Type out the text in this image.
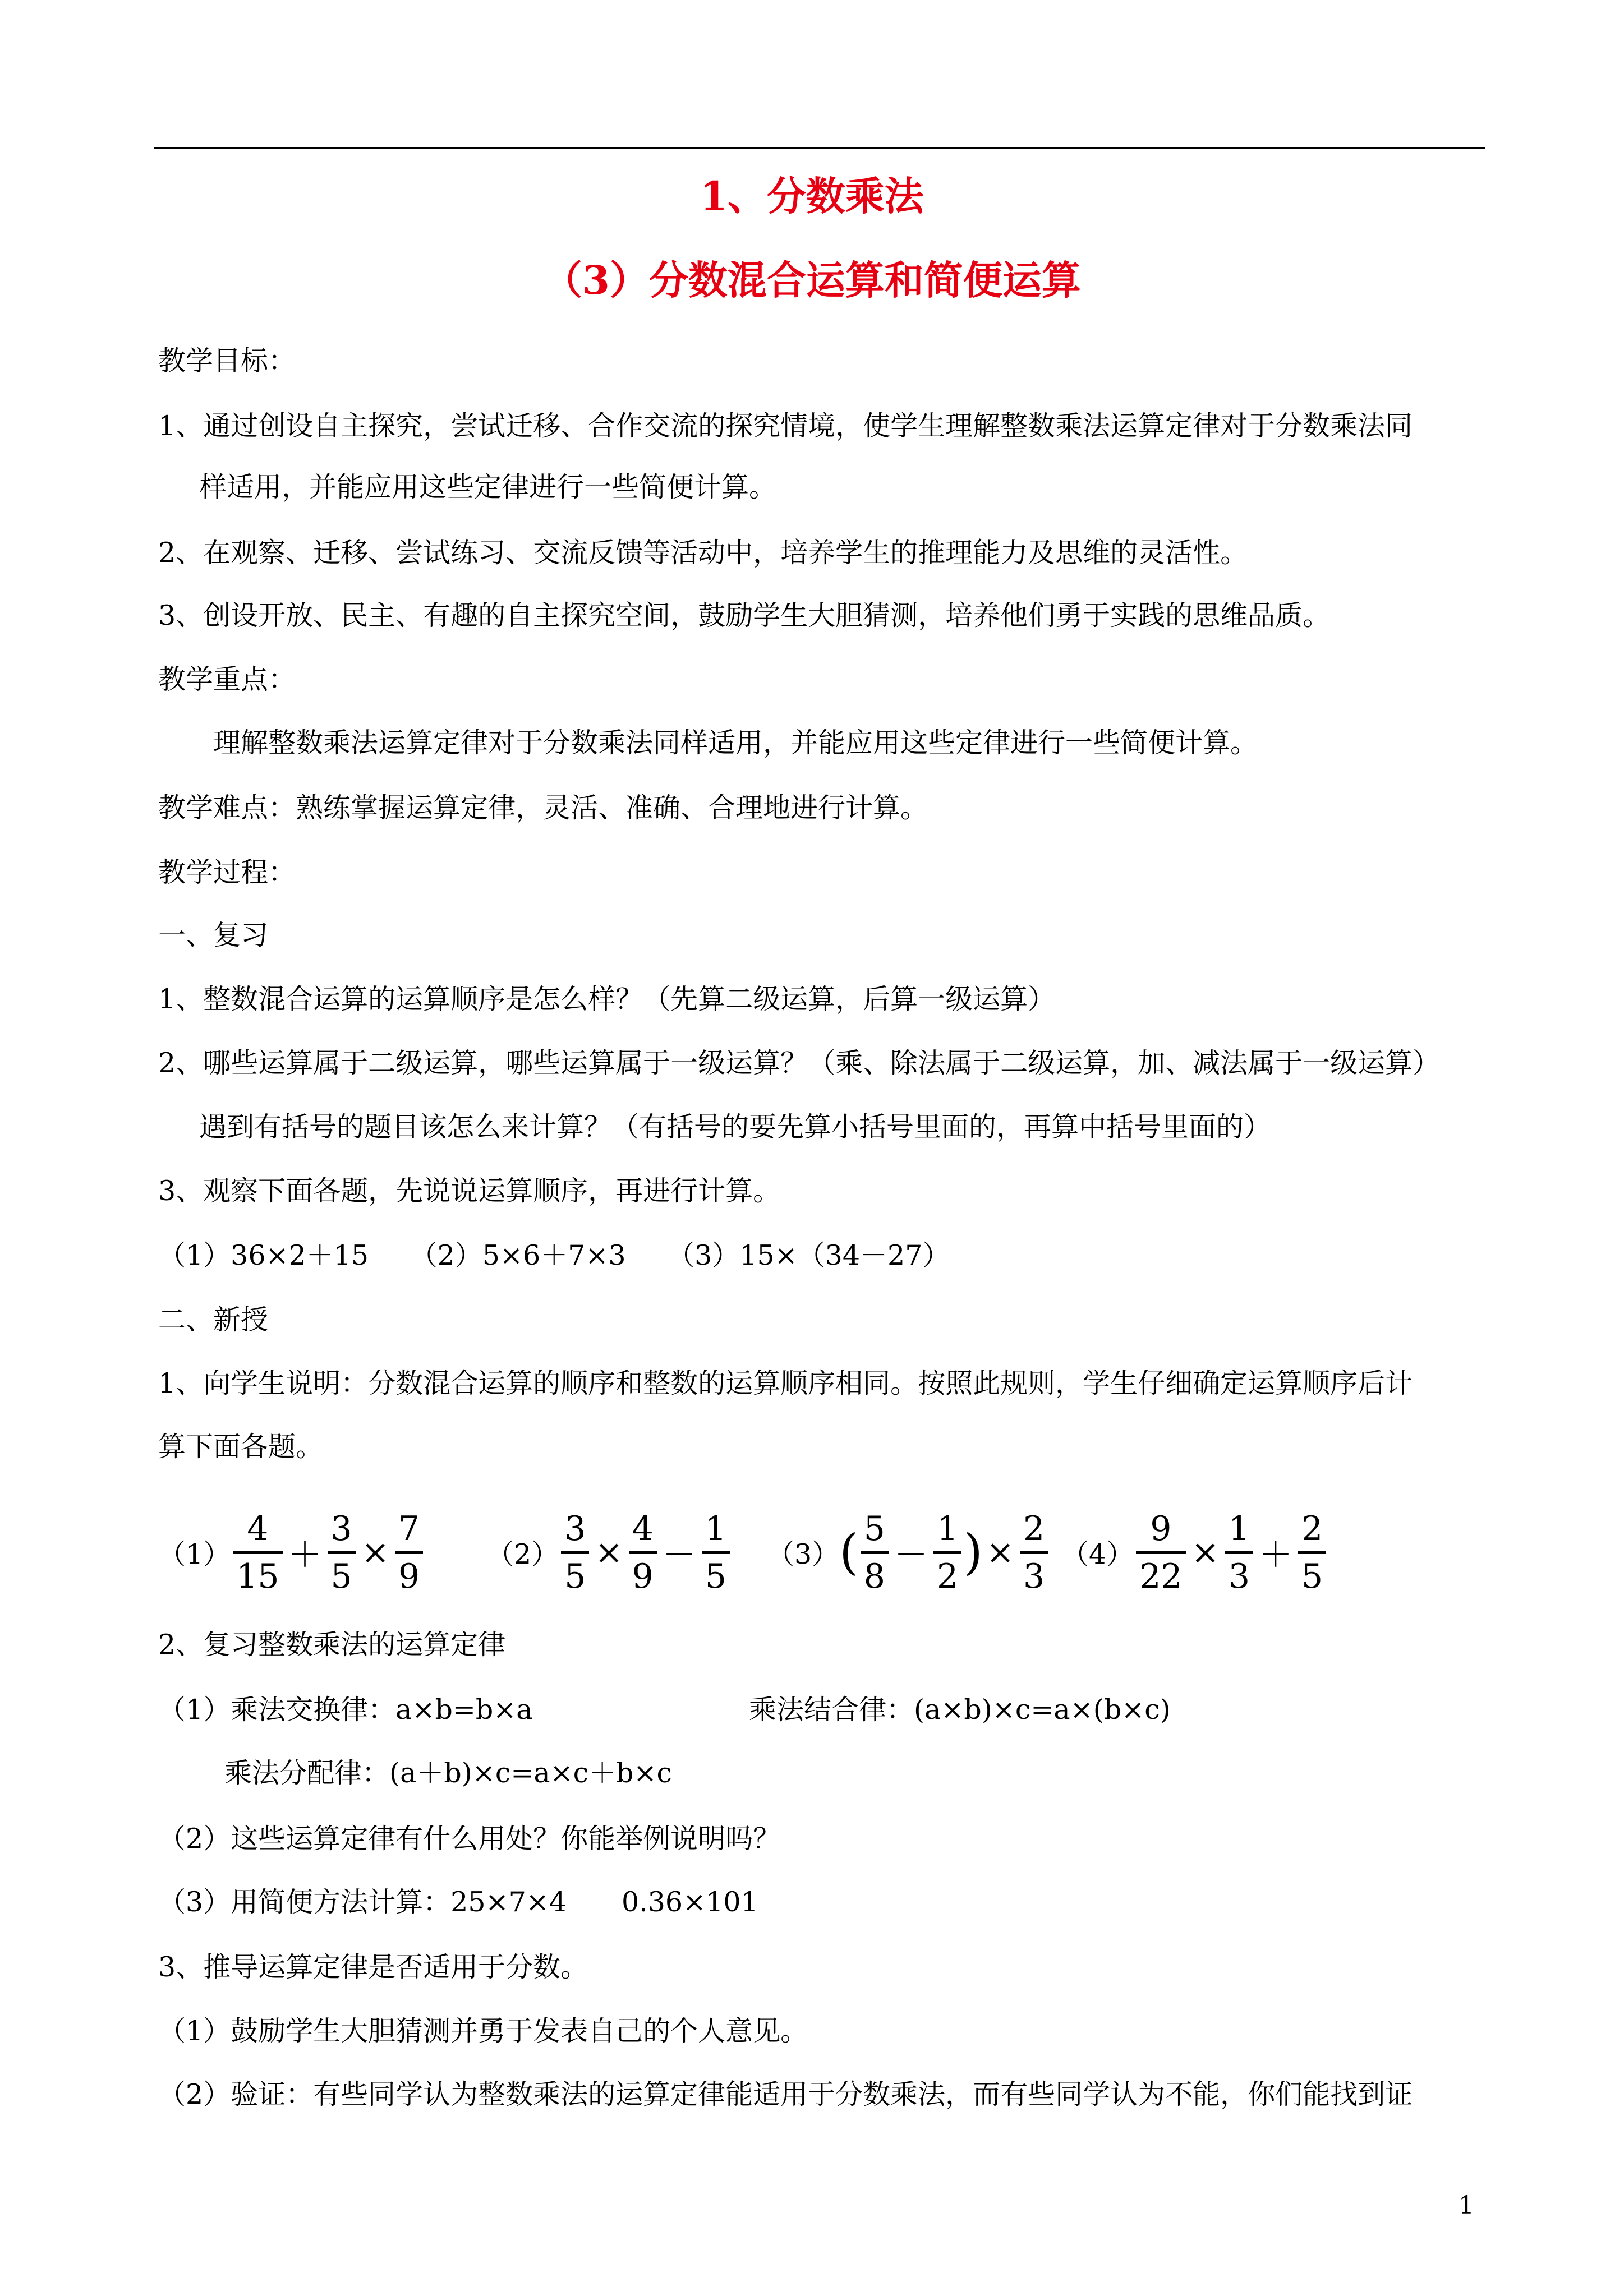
1、分数乘法
（3）分数混合运算和简便运算
教学目标：
1、通过创设自主探究，尝试迁移、合作交流的探究情境，使学生理解整数乘法运算定律对于分数乘法同
样适用，并能应用这些定律进行一些简便计算。
2、在观察、迁移、尝试练习、交流反馈等活动中，培养学生的推理能力及思维的灵活性。
3、创设开放、民主、有趣的自主探究空间，鼓励学生大胆猜测，培养他们勇于实践的思维品质。
教学重点：
理解整数乘法运算定律对于分数乘法同样适用，并能应用这些定律进行一些简便计算。
教学难点：熟练掌握运算定律，灵活、准确、合理地进行计算。
教学过程：
一、复习
1、整数混合运算的运算顺序是怎么样？（先算二级运算，后算一级运算）
2、哪些运算属于二级运算，哪些运算属于一级运算？（乘、除法属于二级运算，加、减法属于一级运算）
遇到有括号的题目该怎么来计算？（有括号的要先算小括号里面的，再算中括号里面的）
3、观察下面各题，先说说运算顺序，再进行计算。
（1）36×2＋15　　（2）5×6＋7×3　　（3）15×（34－27）
二、新授
1、向学生说明：分数混合运算的顺序和整数的运算顺序相同。按照此规则，学生仔细确定运算顺序后计
算下面各题。
$(1) \frac{4}{15} + \frac{3}{5} \times \frac{7}{9} (2) \frac{3}{5} \times \frac{4}{9} - \frac{1}{5} (3)$ ( $\frac{5}{8} - \frac{1}{2}$ ) × $\frac{2}{3} (4) \frac{9}{22} \times \frac{1}{3} + \frac{2}{5}$
2、复习整数乘法的运算定律
（1）乘法交换律：a×b=b×a	乘法结合律：(a×b)×c=a×(b×c)
乘法分配律：(a＋b)×c=a×c＋b×c
（2）这些运算定律有什么用处？你能举例说明吗？
（3）用简便方法计算：25×7×4　　0.36×101
3、推导运算定律是否适用于分数。
（1）鼓励学生大胆猜测并勇于发表自己的个人意见。
（2）验证：有些同学认为整数乘法的运算定律能适用于分数乘法，而有些同学认为不能，你们能找到证
1
